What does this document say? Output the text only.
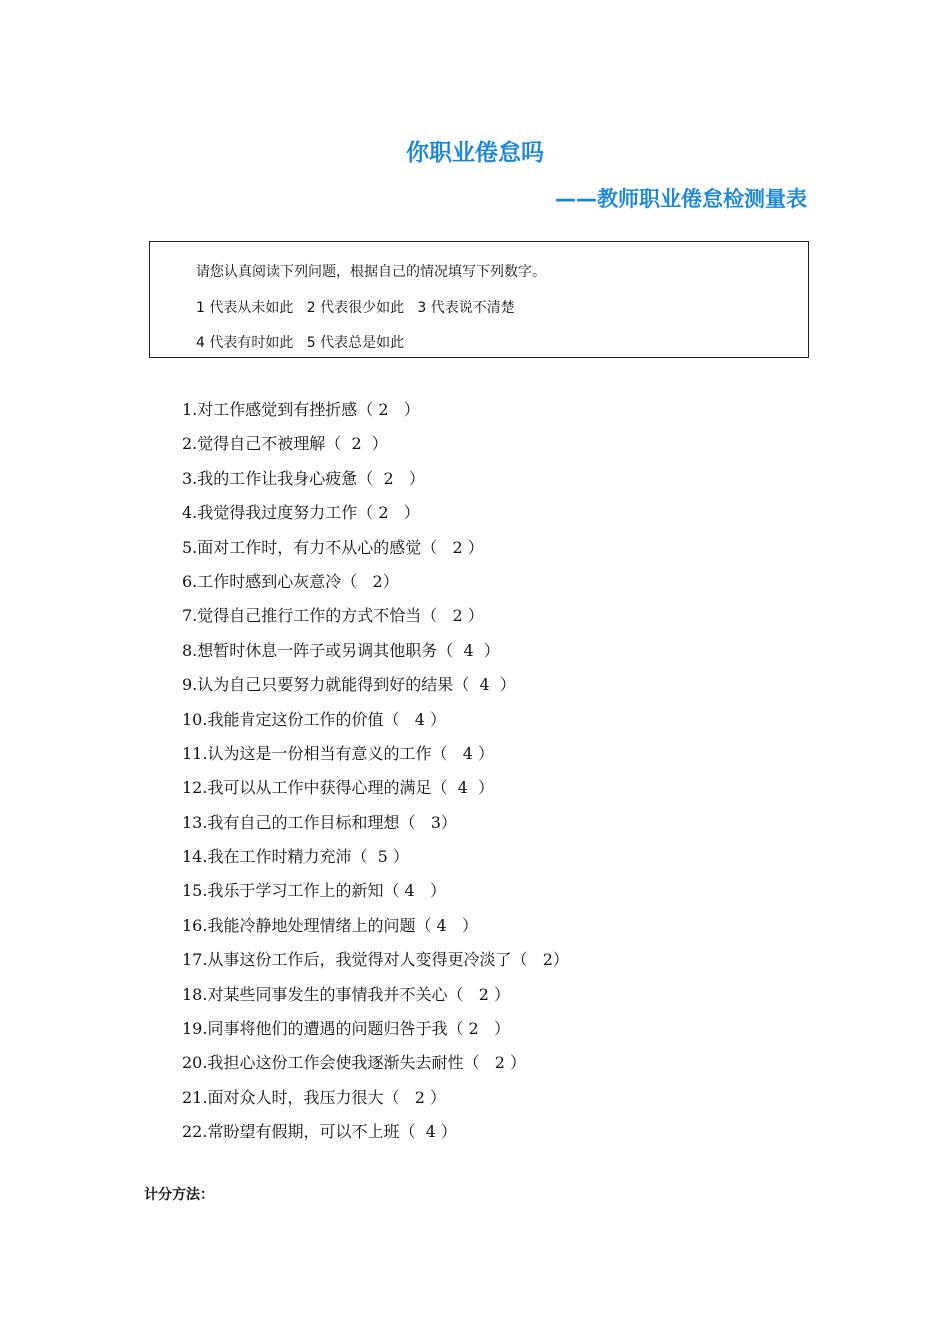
你职业倦怠吗
——教师职业倦怠检测量表
请您认真阅读下列问题，根据自己的情况填写下列数字。
1 代表从未如此   2 代表很少如此   3 代表说不清楚
4 代表有时如此   5 代表总是如此
1.对工作感觉到有挫折感（ 2   ）
2.觉得自己不被理解（  2  ）
3.我的工作让我身心疲惫（  2   ）
4.我觉得我过度努力工作（ 2   ）
5.面对工作时，有力不从心的感觉（   2 ）
6.工作时感到心灰意冷（   2）
7.觉得自己推行工作的方式不恰当（   2 ）
8.想暂时休息一阵子或另调其他职务（  4  ）
9.认为自己只要努力就能得到好的结果（  4  ）
10.我能肯定这份工作的价值（   4 ）
11.认为这是一份相当有意义的工作（   4 ）
12.我可以从工作中获得心理的满足（  4  ）
13.我有自己的工作目标和理想（   3）
14.我在工作时精力充沛（  5 ）
15.我乐于学习工作上的新知（ 4   ）
16.我能冷静地处理情绪上的问题（ 4   ）
17.从事这份工作后，我觉得对人变得更冷淡了（   2）
18.对某些同事发生的事情我并不关心（   2 ）
19.同事将他们的遭遇的问题归咎于我（ 2   ）
20.我担心这份工作会使我逐渐失去耐性（   2 ）
21.面对众人时，我压力很大（   2 ）
22.常盼望有假期，可以不上班（  4 ）
计分方法：
